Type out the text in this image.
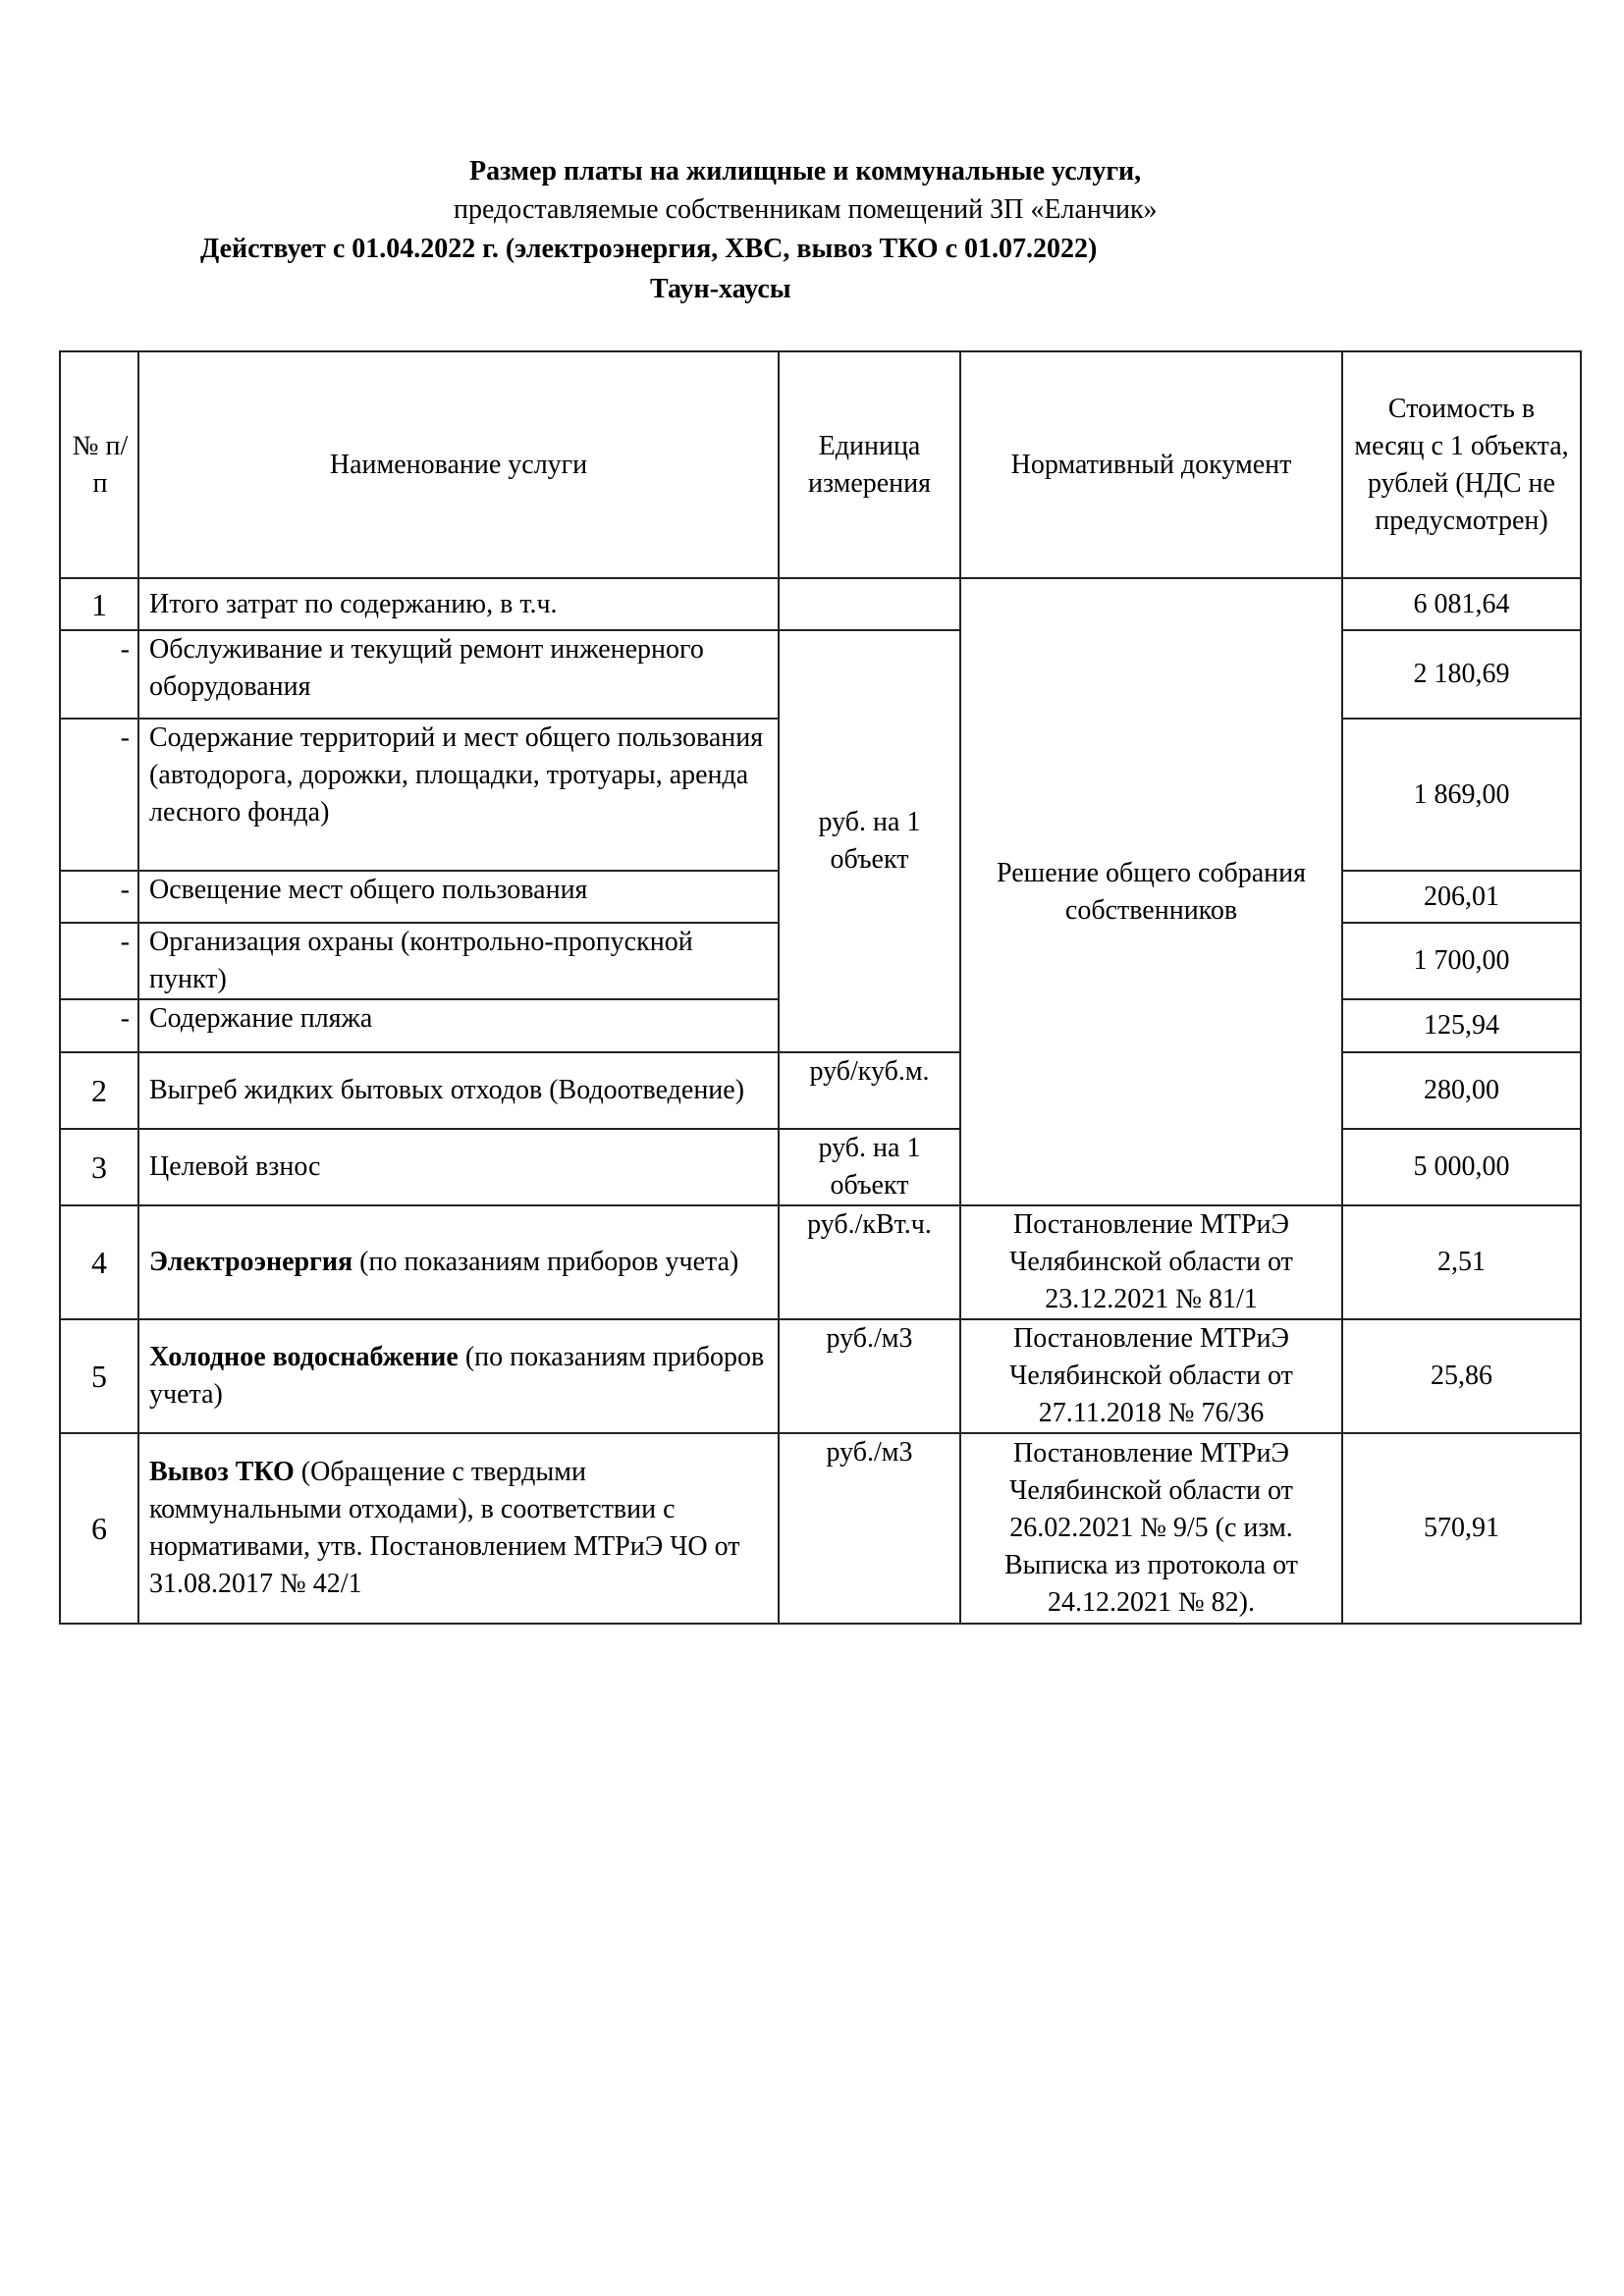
Размер платы на жилищные и коммунальные услуги,
предоставляемые собственникам помещений ЗП «Еланчик»
Действует с 01.04.2022 г. (электроэнергия, ХВС, вывоз ТКО с 01.07.2022)
Таун-хаусы
№ п/п	Наименование услуги	Единица измерения	Нормативный документ	Стоимость в месяц с 1 объекта, рублей (НДС не предусмотрен)
1	Итого затрат по содержанию, в т.ч.		Решение общего собрания собственников	6 081,64
-	Обслуживание и текущий ремонт инженерного оборудования	руб. на 1 объект		2 180,69
-	Содержание территорий и мест общего пользования (автодорога, дорожки, площадки, тротуары, аренда лесного фонда)			1 869,00
-	Освещение мест общего пользования			206,01
-	Организация охраны (контрольно-пропускной пункт)			1 700,00
-	Содержание пляжа			125,94
2	Выгреб жидких бытовых отходов (Водоотведение)	руб/куб.м.		280,00
3	Целевой взнос	руб. на 1 объект		5 000,00
4	Электроэнергия (по показаниям приборов учета)	руб./кВт.ч.	Постановление МТРиЭ Челябинской области от 23.12.2021 № 81/1	2,51
5	Холодное водоснабжение (по показаниям приборов учета)	руб./м3	Постановление МТРиЭ Челябинской области от 27.11.2018 № 76/36	25,86
6	Вывоз ТКО (Обращение с твердыми коммунальными отходами), в соответствии с нормативами, утв. Постановлением МТРиЭ ЧО от 31.08.2017 № 42/1	руб./м3	Постановление МТРиЭ Челябинской области от 26.02.2021 № 9/5 (с изм. Выписка из протокола от 24.12.2021 № 82).	570,91
